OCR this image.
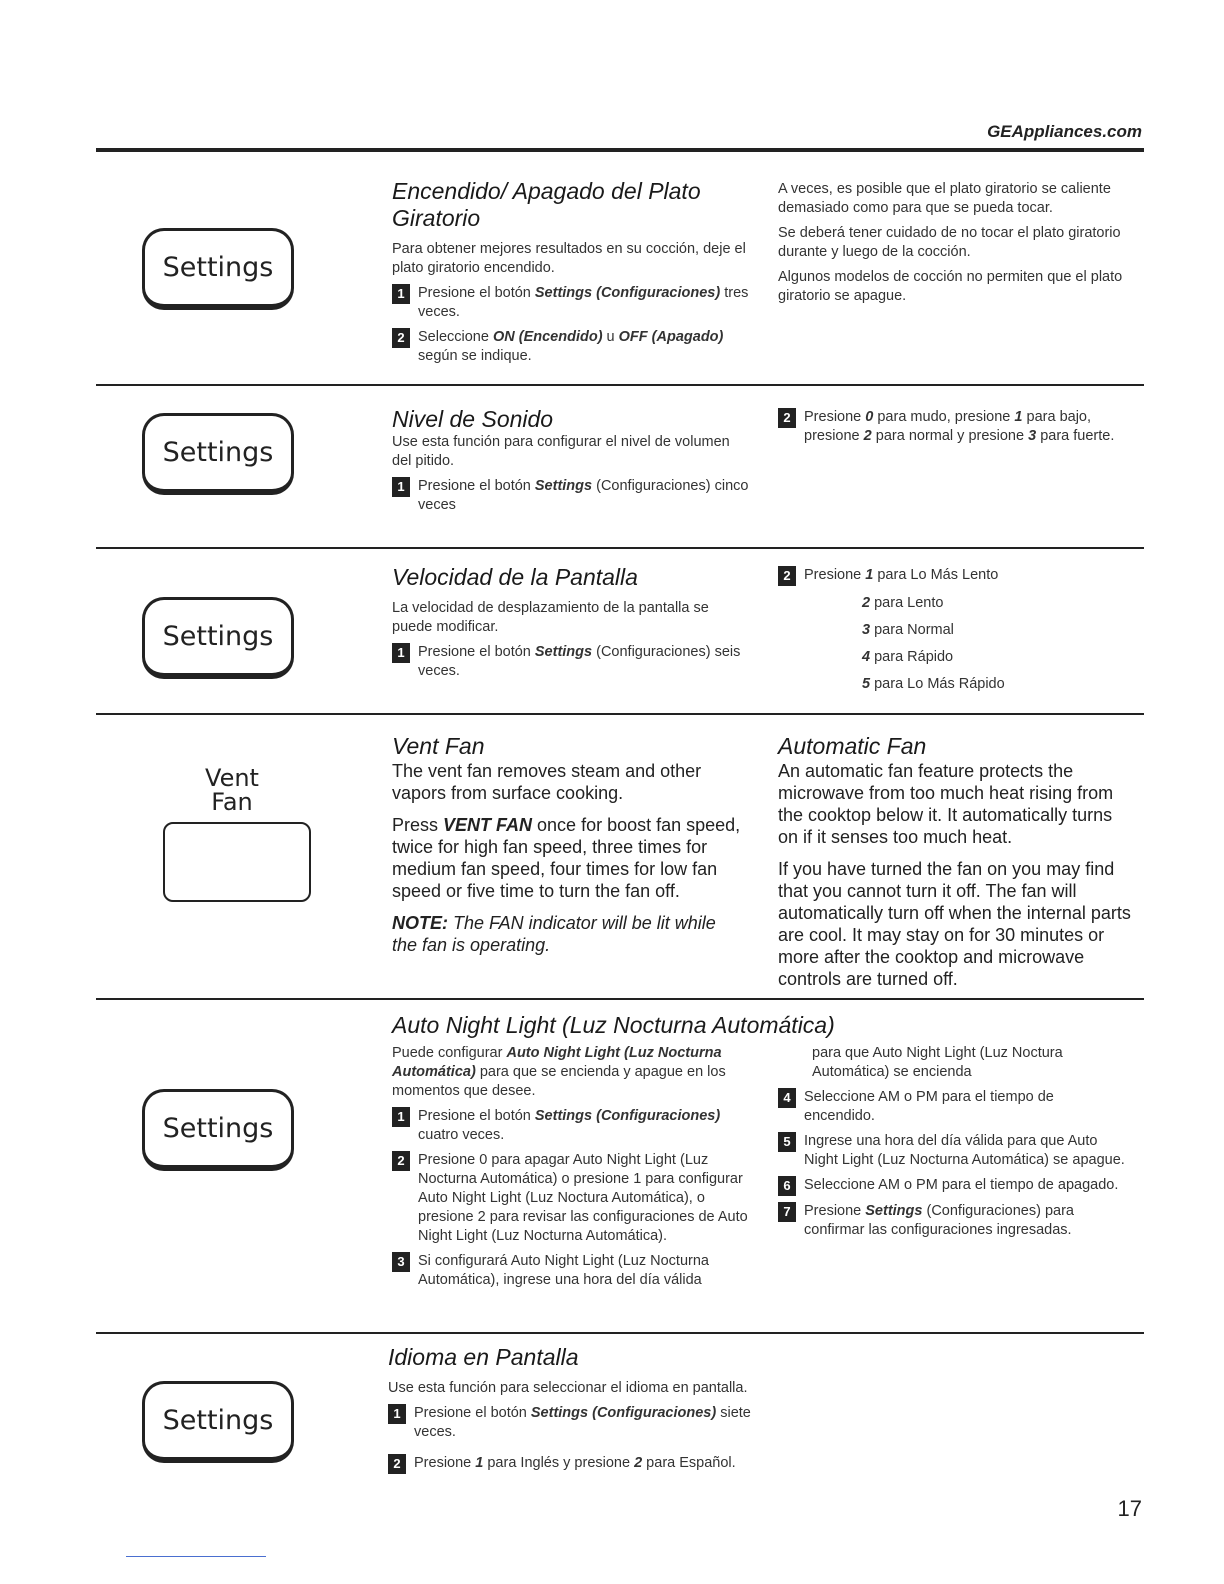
GEAppliances.com
Settings
Encendido/ Apagado del Plato Giratorio

Para obtener mejores resultados en su cocción, deje el plato giratorio encendido.

1 Presione el botón Settings (Configuraciones) tres veces.
2 Seleccione ON (Encendido) u OFF (Apagado) según se indique.

A veces, es posible que el plato giratorio se caliente demasiado como para que se pueda tocar.

Se deberá tener cuidado de no tocar el plato giratorio durante y luego de la cocción.

Algunos modelos de cocción no permiten que el plato giratorio se apague.

Settings
Nivel de Sonido

Use esta función para configurar el nivel de volumen del pitido.

1 Presione el botón Settings (Configuraciones) cinco veces
2 Presione 0 para mudo, presione 1 para bajo, presione 2 para normal y presione 3 para fuerte.
Settings
Velocidad de la Pantalla

La velocidad de desplazamiento de la pantalla se puede modificar.

1 Presione el botón Settings (Configuraciones) seis veces.
2 Presione 1 para Lo Más Lento
2 para Lento
3 para Normal
4 para Rápido
5 para Lo Más Rápido
Vent
Fan
Vent Fan

The vent fan removes steam and other vapors from surface cooking.

Press VENT FAN once for boost fan speed, twice for high fan speed, three times for medium fan speed, four times for low fan speed or five time to turn the fan off.

NOTE: The FAN indicator will be lit while the fan is operating.

Automatic Fan

An automatic fan feature protects the microwave from too much heat rising from the cooktop below it. It automatically turns on if it senses too much heat.

If you have turned the fan on you may find that you cannot turn it off. The fan will automatically turn off when the internal parts are cool. It may stay on for 30 minutes or more after the cooktop and microwave controls are turned off.

Settings
Auto Night Light (Luz Nocturna Automática)

Puede configurar Auto Night Light (Luz Nocturna Automática) para que se encienda y apague en los momentos que desee.

1 Presione el botón Settings (Configuraciones) cuatro veces.
2 Presione 0 para apagar Auto Night Light (Luz Nocturna Automática) o presione 1 para configurar Auto Night Light (Luz Noctura Automática), o presione 2 para revisar las configuraciones de Auto Night Light (Luz Nocturna Automática).
3 Si configurará Auto Night Light (Luz Nocturna Automática), ingrese una hora del día válida

para que Auto Night Light (Luz Noctura Automática) se encienda

4 Seleccione AM o PM para el tiempo de encendido.
5 Ingrese una hora del día válida para que Auto Night Light (Luz Nocturna Automática) se apague.
6 Seleccione AM o PM para el tiempo de apagado.
7 Presione Settings (Configuraciones) para confirmar las configuraciones ingresadas.
Settings
Idioma en Pantalla

Use esta función para seleccionar el idioma en pantalla.

1 Presione el botón Settings (Configuraciones) siete veces.
2 Presione 1 para Inglés y presione 2 para Español.
17
